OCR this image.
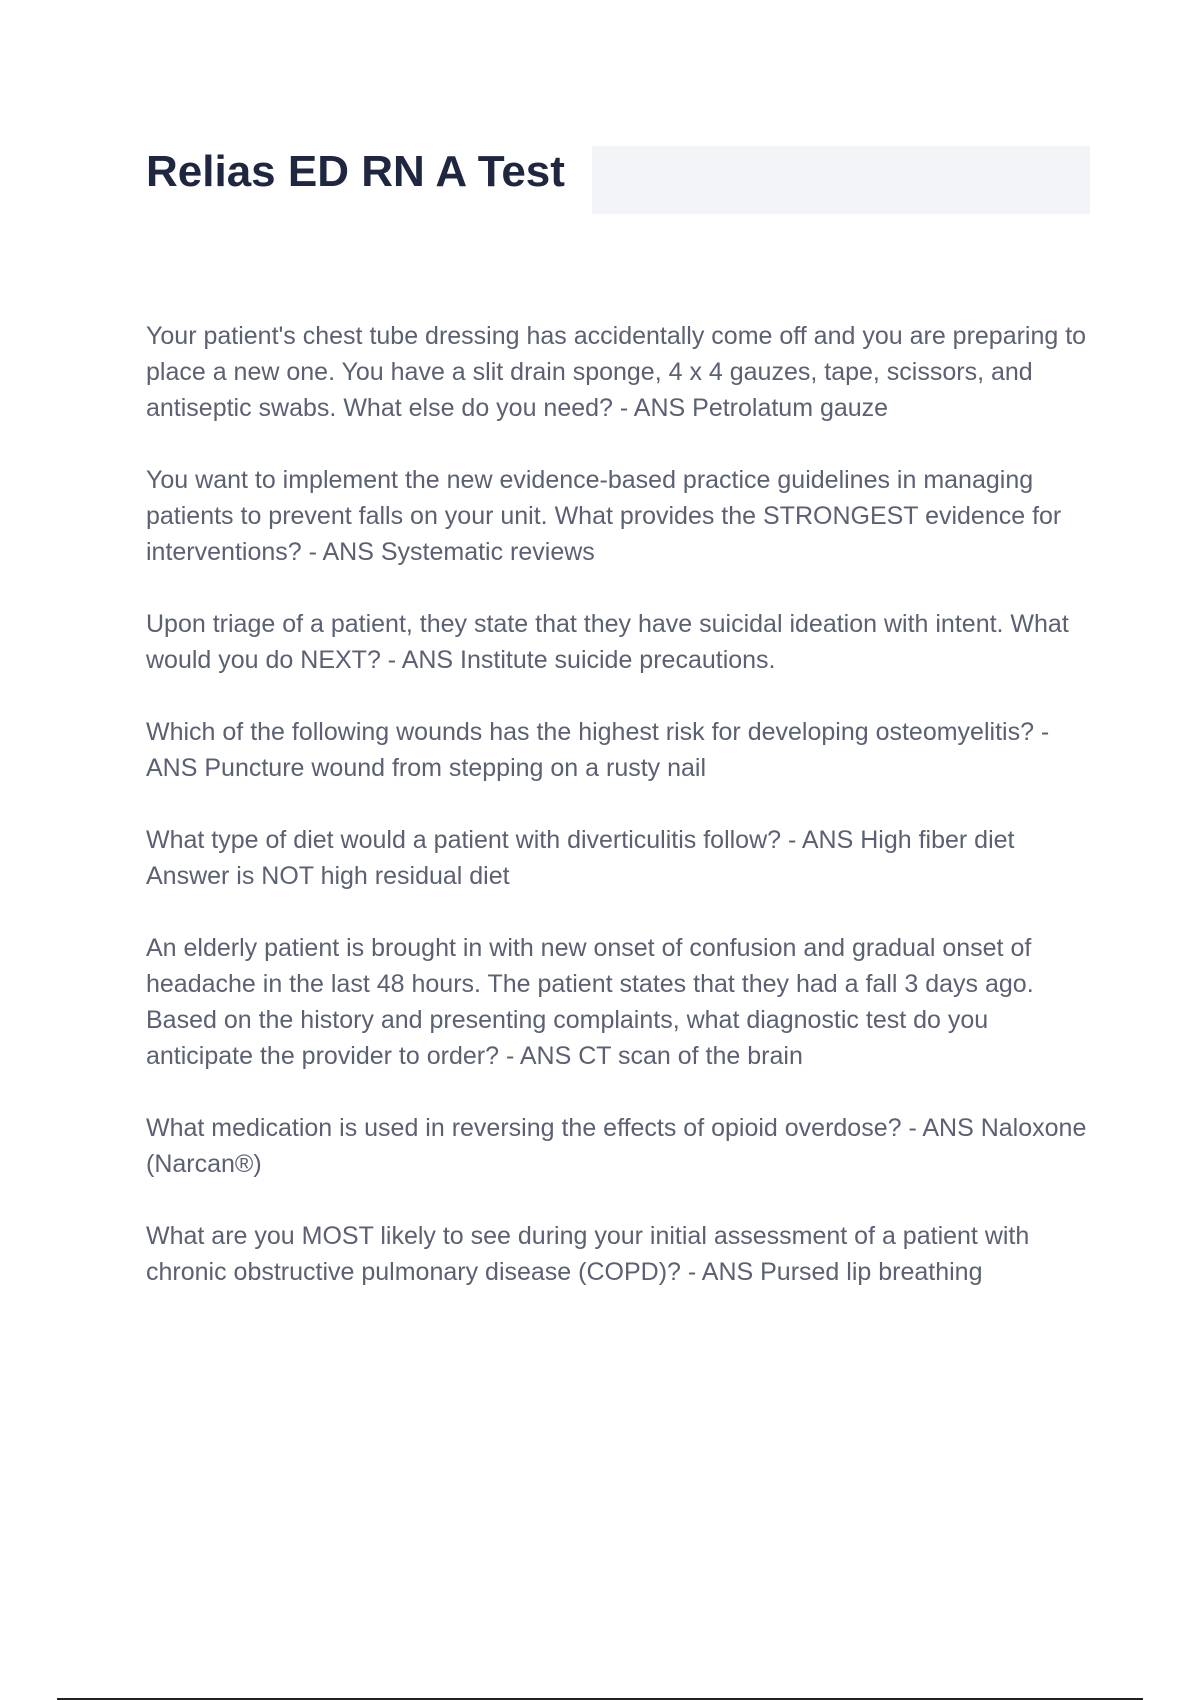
Relias ED RN A Test

Your patient's chest tube dressing has accidentally come off and you are preparing to place a new one. You have a slit drain sponge, 4 x 4 gauzes, tape, scissors, and antiseptic swabs. What else do you need? - ANS Petrolatum gauze

You want to implement the new evidence-based practice guidelines in managing patients to prevent falls on your unit. What provides the STRONGEST evidence for interventions? - ANS Systematic reviews

Upon triage of a patient, they state that they have suicidal ideation with intent. What would you do NEXT? - ANS Institute suicide precautions.

Which of the following wounds has the highest risk for developing osteomyelitis? - ANS Puncture wound from stepping on a rusty nail

What type of diet would a patient with diverticulitis follow? - ANS High fiber diet
Answer is NOT high residual diet

An elderly patient is brought in with new onset of confusion and gradual onset of headache in the last 48 hours. The patient states that they had a fall 3 days ago. Based on the history and presenting complaints, what diagnostic test do you anticipate the provider to order? - ANS CT scan of the brain

What medication is used in reversing the effects of opioid overdose? - ANS Naloxone (Narcan®)

What are you MOST likely to see during your initial assessment of a patient with chronic obstructive pulmonary disease (COPD)? - ANS Pursed lip breathing
